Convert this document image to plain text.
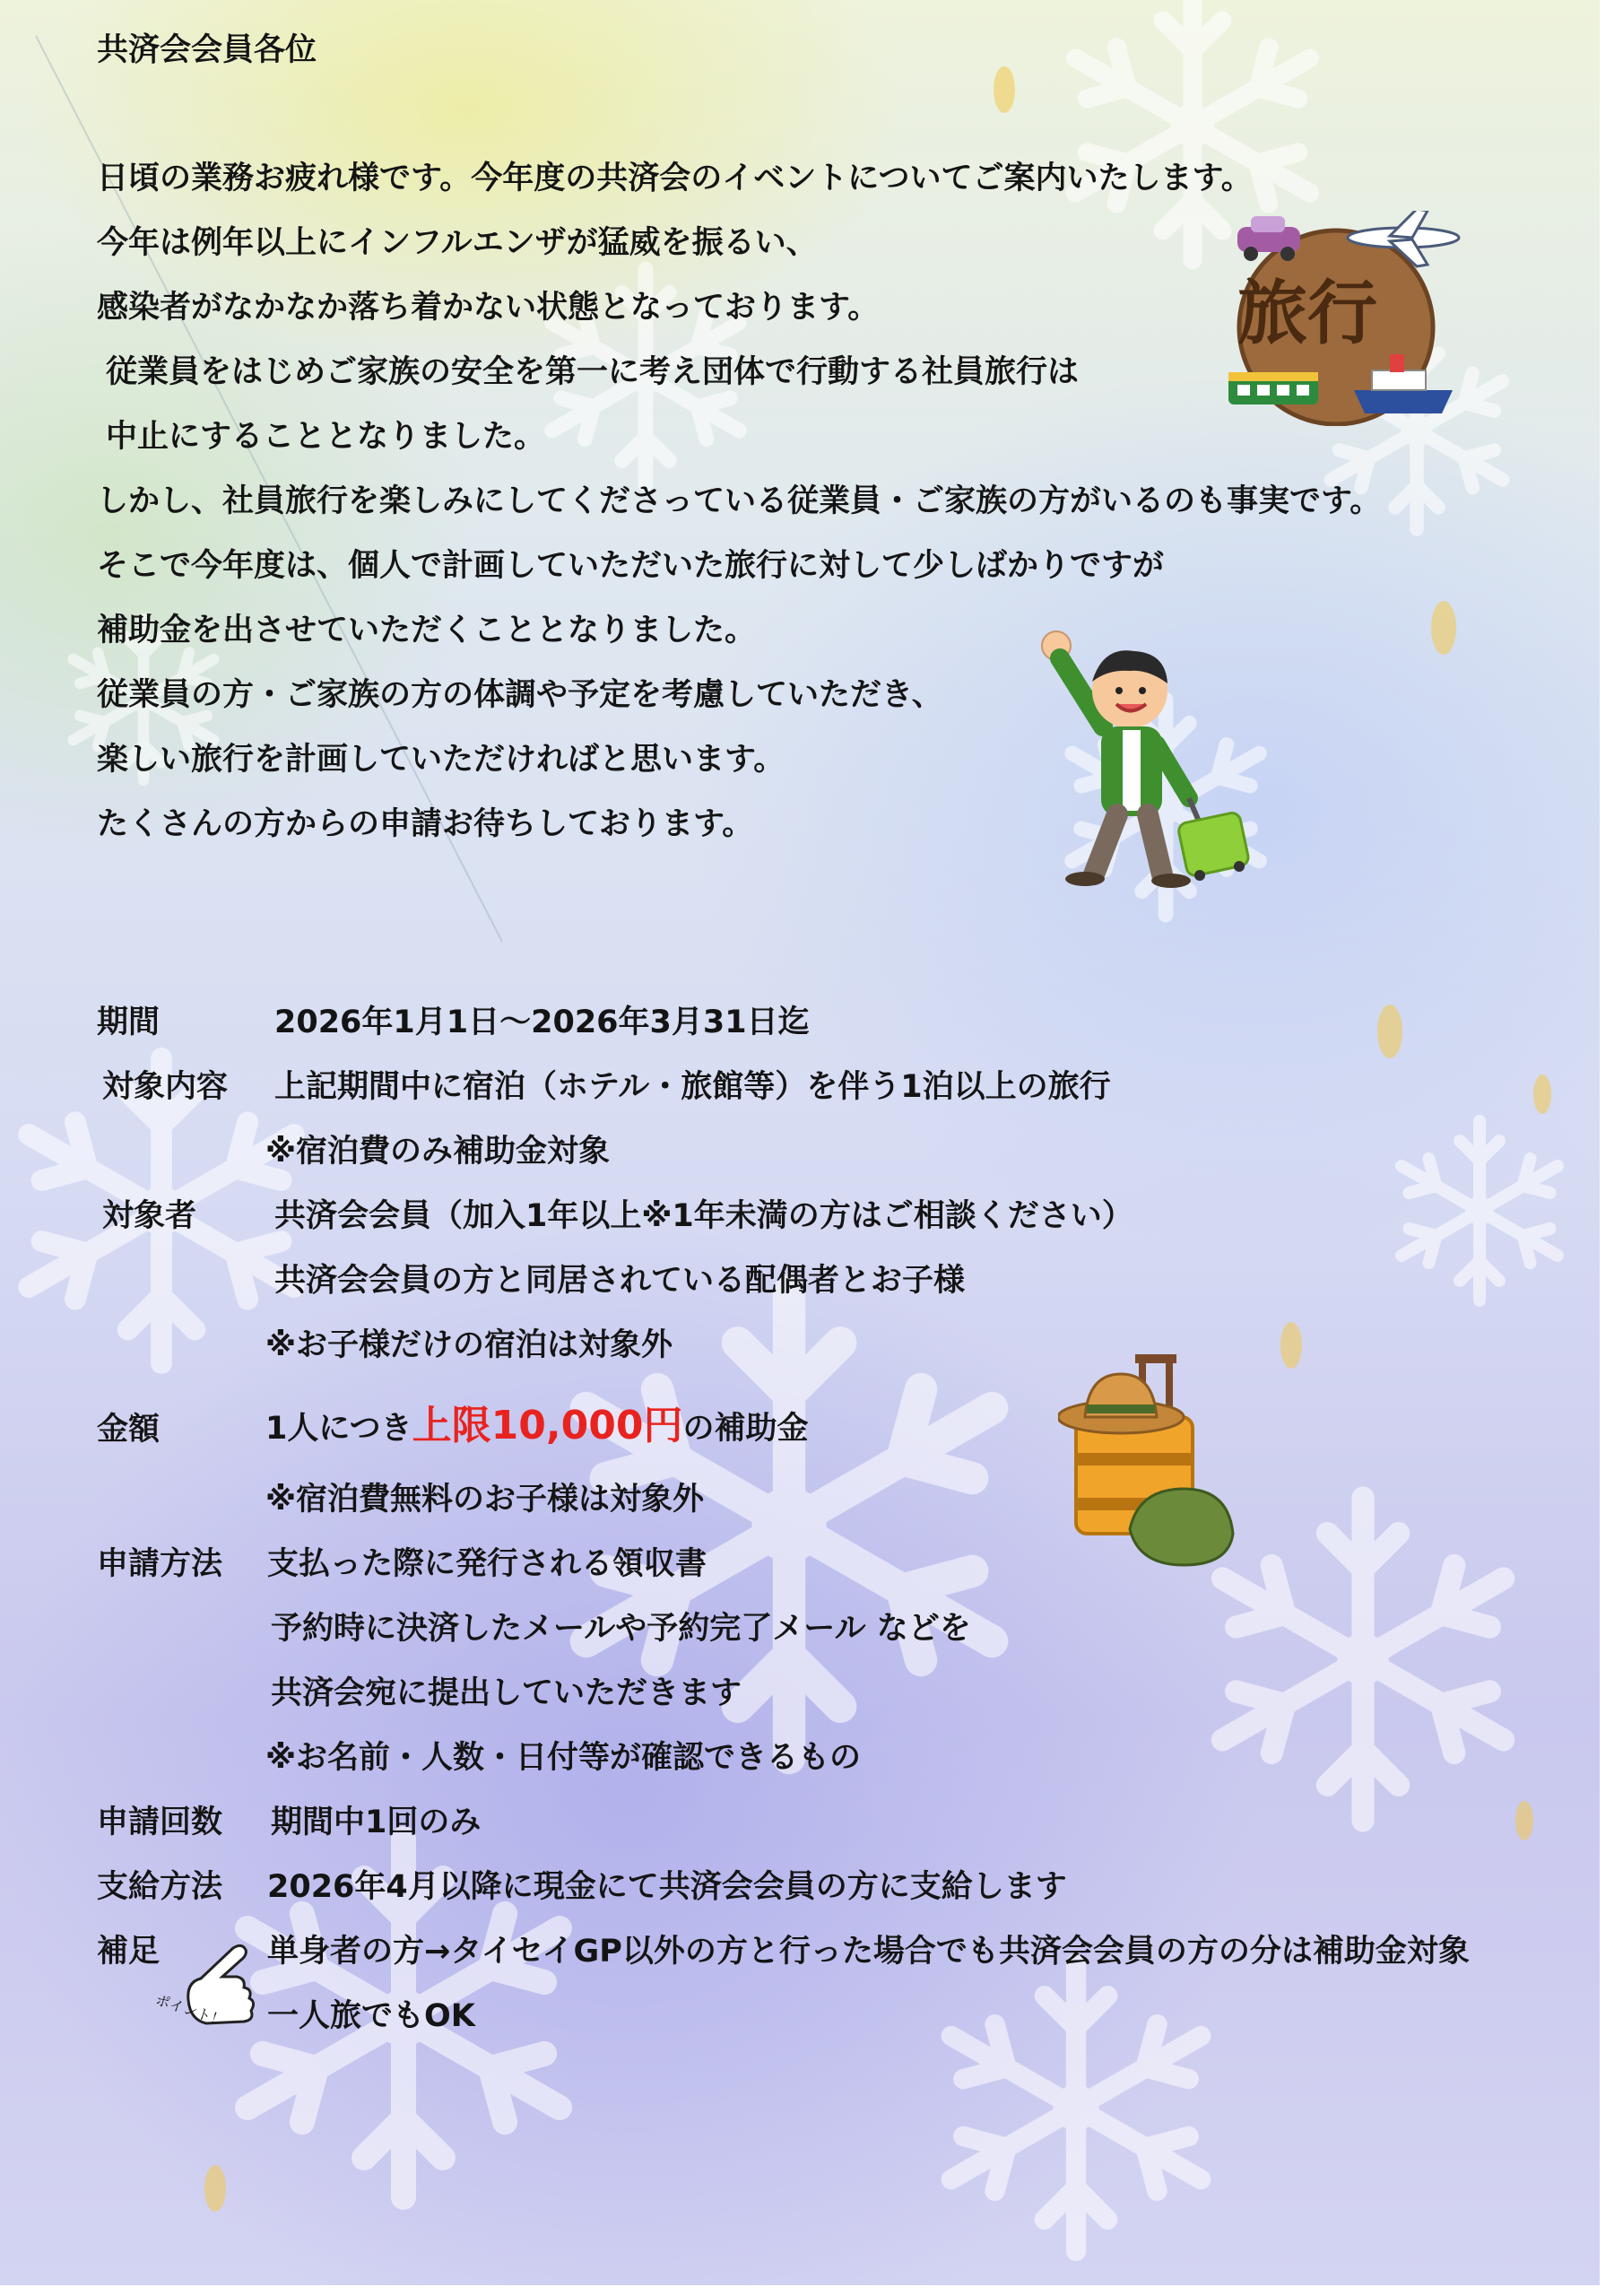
共済会会員各位
日頃の業務お疲れ様です。今年度の共済会のイベントについてご案内いたします。
今年は例年以上にインフルエンザが猛威を振るい、
感染者がなかなか落ち着かない状態となっております。
従業員をはじめご家族の安全を第一に考え団体で行動する社員旅行は
中止にすることとなりました。
しかし、社員旅行を楽しみにしてくださっている従業員・ご家族の方がいるのも事実です。
そこで今年度は、個人で計画していただいた旅行に対して少しばかりですが
補助金を出させていただくこととなりました。
従業員の方・ご家族の方の体調や予定を考慮していただき、
楽しい旅行を計画していただければと思います。
たくさんの方からの申請お待ちしております。
旅行
期間	2026年1月1日～2026年3月31日迄
対象内容 上記期間中に宿泊（ホテル・旅館等）を伴う1泊以上の旅行
※宿泊費のみ補助金対象
対象者 共済会会員（加入1年以上※1年未満の方はご相談ください）
共済会会員の方と同居されている配偶者とお子様
※お子様だけの宿泊は対象外
金額	1人につき上限10,000円の補助金
※宿泊費無料のお子様は対象外
申請方法 支払った際に発行される領収書
予約時に決済したメールや予約完了メール などを
共済会宛に提出していただきます
※お名前・人数・日付等が確認できるもの
申請回数 期間中1回のみ
支給方法 2026年4月以降に現金にて共済会会員の方に支給します
補足	単身者の方→タイセイGP以外の方と行った場合でも共済会会員の方の分は補助金対象
一人旅でもOK
ポイント！
